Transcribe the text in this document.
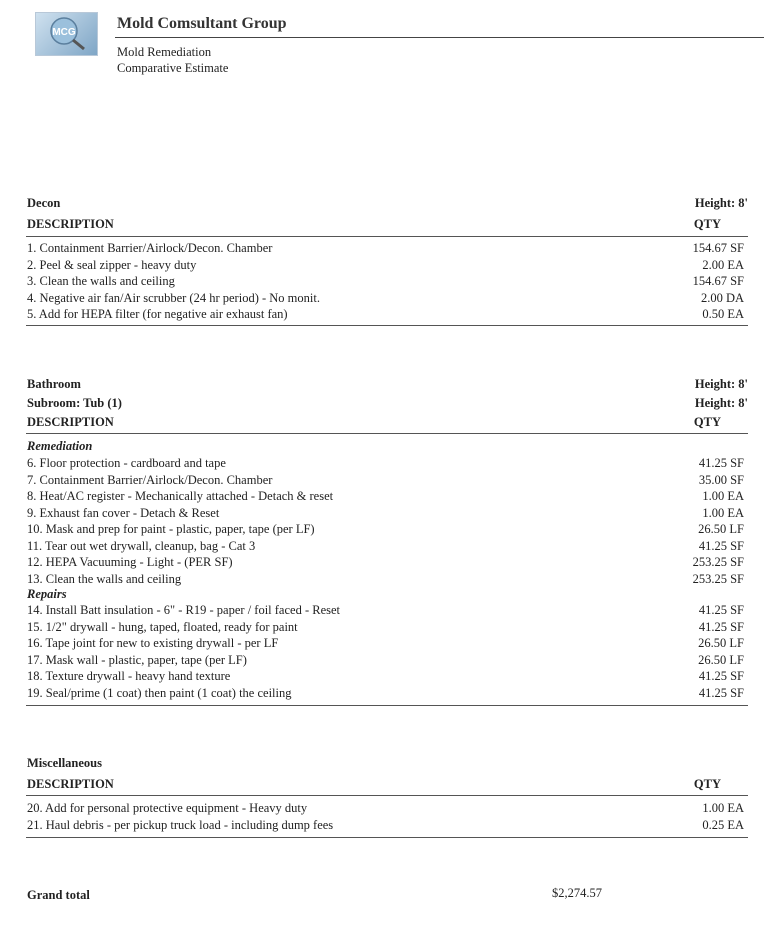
MCG
Mold Comsultant Group
Mold Remediation
Comparative Estimate
Decon	Height: 8'
DESCRIPTION	QTY
1. Containment Barrier/Airlock/Decon. Chamber	154.67 SF
2. Peel & seal zipper - heavy duty	2.00 EA
3. Clean the walls and ceiling	154.67 SF
4. Negative air fan/Air scrubber (24 hr period) - No monit.	2.00 DA
5. Add for HEPA filter (for negative air exhaust fan)	0.50 EA
Bathroom	Height: 8'
Subroom: Tub (1)	Height: 8'
DESCRIPTION	QTY
Remediation
6. Floor protection - cardboard and tape	41.25 SF
7. Containment Barrier/Airlock/Decon. Chamber	35.00 SF
8. Heat/AC register - Mechanically attached - Detach & reset	1.00 EA
9. Exhaust fan cover - Detach & Reset	1.00 EA
10. Mask and prep for paint - plastic, paper, tape (per LF)	26.50 LF
11. Tear out wet drywall, cleanup, bag - Cat 3	41.25 SF
12. HEPA Vacuuming - Light - (PER SF)	253.25 SF
13. Clean the walls and ceiling	253.25 SF
Repairs
14. Install Batt insulation - 6" - R19 - paper / foil faced - Reset	41.25 SF
15. 1/2" drywall - hung, taped, floated, ready for paint	41.25 SF
16. Tape joint for new to existing drywall - per LF	26.50 LF
17. Mask wall - plastic, paper, tape (per LF)	26.50 LF
18. Texture drywall - heavy hand texture	41.25 SF
19. Seal/prime (1 coat) then paint (1 coat) the ceiling	41.25 SF
Miscellaneous
DESCRIPTION	QTY
20. Add for personal protective equipment - Heavy duty	1.00 EA
21. Haul debris - per pickup truck load - including dump fees	0.25 EA
Grand total	$2,274.57
